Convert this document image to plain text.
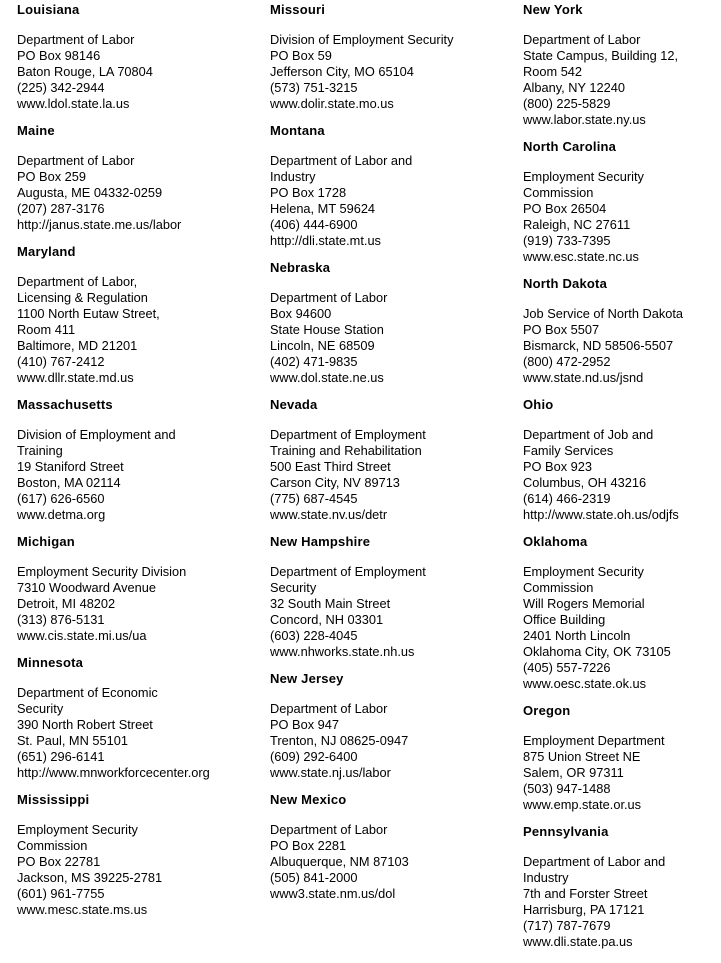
Louisiana
Department of Labor
PO Box 98146
Baton Rouge, LA 70804
(225) 342-2944
www.ldol.state.la.us
Maine
Department of Labor
PO Box 259
Augusta, ME 04332-0259
(207) 287-3176
http://janus.state.me.us/labor
Maryland
Department of Labor,
Licensing & Regulation
1100 North Eutaw Street,
Room 411
Baltimore, MD 21201
(410) 767-2412
www.dllr.state.md.us
Massachusetts
Division of Employment and
Training
19 Staniford Street
Boston, MA 02114
(617) 626-6560
www.detma.org
Michigan
Employment Security Division
7310 Woodward Avenue
Detroit, MI 48202
(313) 876-5131
www.cis.state.mi.us/ua
Minnesota
Department of Economic
Security
390 North Robert Street
St. Paul, MN 55101
(651) 296-6141
http://www.mnworkforcecenter.org
Mississippi
Employment Security
Commission
PO Box 22781
Jackson, MS 39225-2781
(601) 961-7755
www.mesc.state.ms.us
Missouri
Division of Employment Security
PO Box 59
Jefferson City, MO 65104
(573) 751-3215
www.dolir.state.mo.us
Montana
Department of Labor and
Industry
PO Box 1728
Helena, MT 59624
(406) 444-6900
http://dli.state.mt.us
Nebraska
Department of Labor
Box 94600
State House Station
Lincoln, NE 68509
(402) 471-9835
www.dol.state.ne.us
Nevada
Department of Employment
Training and Rehabilitation
500 East Third Street
Carson City, NV 89713
(775) 687-4545
www.state.nv.us/detr
New Hampshire
Department of Employment
Security
32 South Main Street
Concord, NH 03301
(603) 228-4045
www.nhworks.state.nh.us
New Jersey
Department of Labor
PO Box 947
Trenton, NJ 08625-0947
(609) 292-6400
www.state.nj.us/labor
New Mexico
Department of Labor
PO Box 2281
Albuquerque, NM 87103
(505) 841-2000
www3.state.nm.us/dol
New York
Department of Labor
State Campus, Building 12,
Room 542
Albany, NY 12240
(800) 225-5829
www.labor.state.ny.us
North Carolina
Employment Security
Commission
PO Box 26504
Raleigh, NC 27611
(919) 733-7395
www.esc.state.nc.us
North Dakota
Job Service of North Dakota
PO Box 5507
Bismarck, ND 58506-5507
(800) 472-2952
www.state.nd.us/jsnd
Ohio
Department of Job and
Family Services
PO Box 923
Columbus, OH 43216
(614) 466-2319
http://www.state.oh.us/odjfs
Oklahoma
Employment Security
Commission
Will Rogers Memorial
Office Building
2401 North Lincoln
Oklahoma City, OK 73105
(405) 557-7226
www.oesc.state.ok.us
Oregon
Employment Department
875 Union Street NE
Salem, OR 97311
(503) 947-1488
www.emp.state.or.us
Pennsylvania
Department of Labor and
Industry
7th and Forster Street
Harrisburg, PA 17121
(717) 787-7679
www.dli.state.pa.us
